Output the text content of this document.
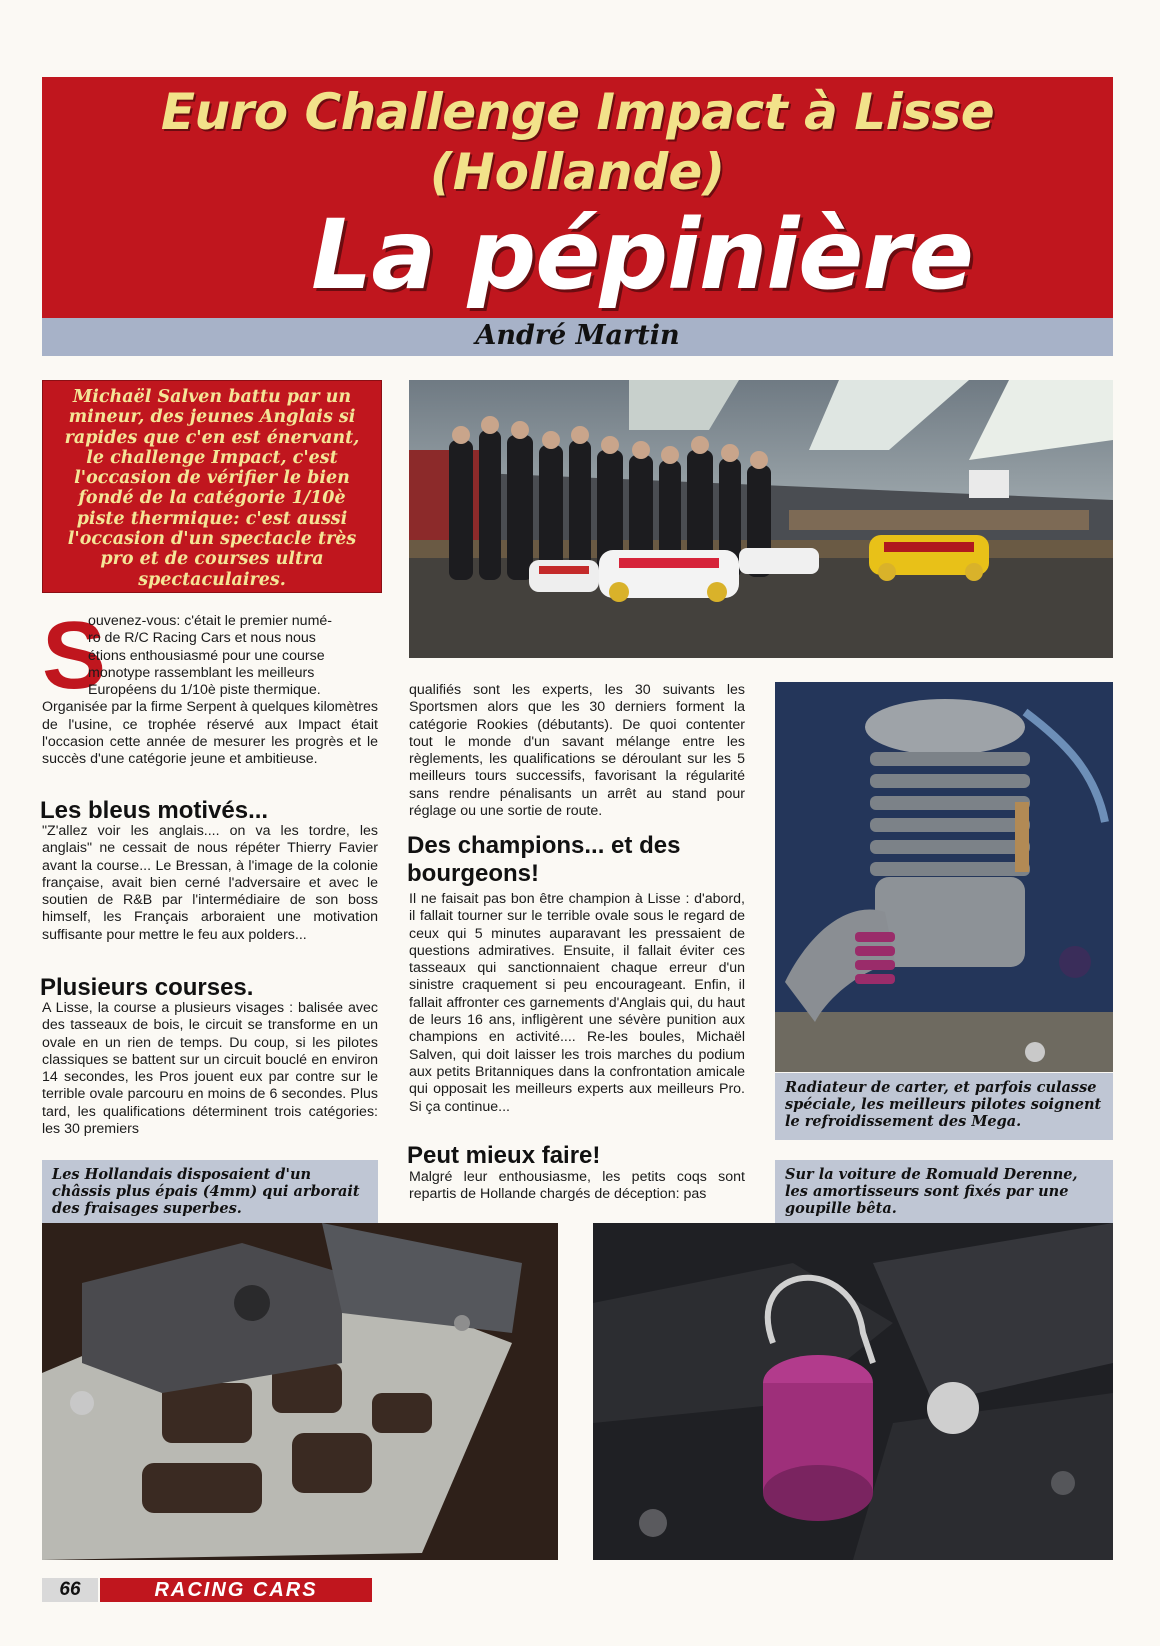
Euro Challenge Impact à Lisse
(Hollande)
La pépinière
André Martin
Michaël Salven battu par un mineur, des jeunes Anglais si rapides que c'en est énervant, le challenge Impact, c'est l'occasion de vérifier le bien fondé de la catégorie 1/10è piste thermique: c'est aussi l'occasion d'un spectacle très pro et de courses ultra spectaculaires.
S
ouvenez-vous: c'était le premier numé-
ro de R/C Racing Cars et nous nous
étions enthousiasmé pour une course
monotype rassemblant les meilleurs
Européens du 1/10è piste thermique.
Organisée par la firme Serpent à quelques kilomètres de l'usine, ce trophée réservé aux Impact était l'occasion cette année de mesurer les progrès et le succès d'une catégorie jeune et ambitieuse.
Les bleus motivés...
"Z'allez voir les anglais.... on va les tordre, les anglais" ne cessait de nous répéter Thierry Favier avant la course... Le Bressan, à l'image de la colonie française, avait bien cerné l'adversaire et avec le soutien de R&B par l'intermédiaire de son boss himself, les Français arboraient une motivation suffisante pour mettre le feu aux polders...
Plusieurs courses.
A Lisse, la course a plusieurs visages : balisée avec des tasseaux de bois, le circuit se transforme en un ovale en un rien de temps. Du coup, si les pilotes classiques se battent sur un circuit bouclé en environ 14 secondes, les Pros jouent eux par contre sur le terrible ovale parcouru en moins de 6 secondes. Plus tard, les qualifications déterminent trois catégories: les 30 premiers
qualifiés sont les experts, les 30 suivants les Sportsmen alors que les 30 derniers forment la catégorie Rookies (débutants). De quoi contenter tout le monde d'un savant mélange entre les règlements, les qualifications se déroulant sur les 5 meilleurs tours successifs, favorisant la régularité sans rendre pénalisants un arrêt au stand pour réglage ou une sortie de route.
Des champions... et des bourgeons!
Il ne faisait pas bon être champion à Lisse : d'abord, il fallait tourner sur le terrible ovale sous le regard de ceux qui 5 minutes auparavant les pressaient de questions admiratives. Ensuite, il fallait éviter ces tasseaux qui sanctionnaient chaque erreur d'un sinistre craquement si peu encourageant. Enfin, il fallait affronter ces garnements d'Anglais qui, du haut de leurs 16 ans, infligèrent une sévère punition aux champions en activité.... Re-les boules, Michaël Salven, qui doit laisser les trois marches du podium aux petits Britanniques dans la confrontation amicale qui opposait les meilleurs experts aux meilleurs Pro. Si ça continue...
Peut mieux faire!
Malgré leur enthousiasme, les petits coqs sont repartis de Hollande chargés de déception: pas
Radiateur de carter, et parfois culasse spéciale, les meilleurs pilotes soignent le refroidissement des Mega.
Les Hollandais disposaient d'un châssis plus épais (4mm) qui arborait des fraisages superbes.
Sur la voiture de Romuald Derenne, les amortisseurs sont fixés par une goupille bêta.
66	RACING CARS
